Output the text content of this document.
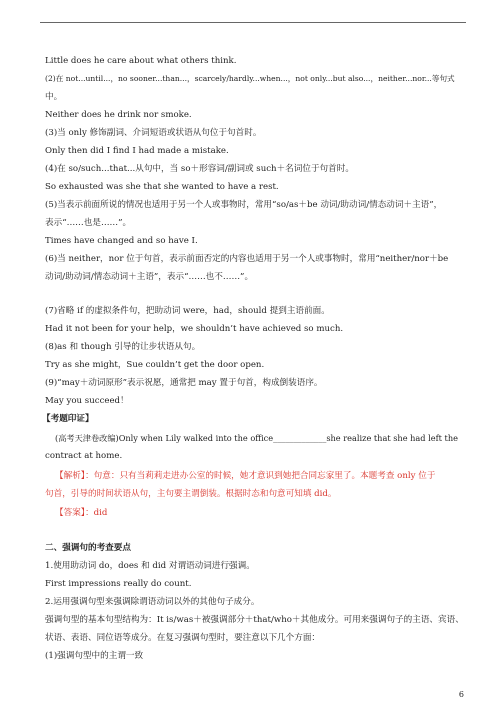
Little does he care about what others think.
(2)在 not...until...，no sooner...than...，scarcely/hardly...when...，not only...but also...，neither...nor...等句式
中。
Neither does he drink nor smoke.
(3)当 only 修饰副词、介词短语或状语从句位于句首时。
Only then did I find I had made a mistake.
(4)在 so/such...that...从句中，当 so＋形容词/副词或 such＋名词位于句首时。
So exhausted was she that she wanted to have a rest.
(5)当表示前面所说的情况也适用于另一个人或事物时，常用“so/as＋be 动词/助动词/情态动词＋主语”，
表示“……也是……”。
Times have changed and so have I.
(6)当 neither，nor 位于句首，表示前面否定的内容也适用于另一个人或事物时，常用“neither/nor＋be
动词/助动词/情态动词＋主语”，表示“……也不……”。
(7)省略 if 的虚拟条件句，把助动词 were，had，should 提到主语前面。
Had it not been for your help，we shouldn’t have achieved so much.
(8)as 和 though 引导的让步状语从句。
Try as she might，Sue couldn’t get the door open.
(9)“may＋动词原形”表示祝愿，通常把 may 置于句首，构成倒装语序。
May you succeed！
【考题印证】
(高考天津卷改编)Only when Lily walked into the office_____________she realize that she had left the
contract at home.
【解析】：句意：只有当莉莉走进办公室的时候，她才意识到她把合同忘家里了。本题考查 only 位于
句首，引导的时间状语从句，主句要主谓倒装。根据时态和句意可知填 did。
【答案】：did
二、强调句的考查要点
1.使用助动词 do，does 和 did 对谓语动词进行强调。
First impressions really do count.
2.运用强调句型来强调除谓语动词以外的其他句子成分。
强调句型的基本句型结构为：It is/was＋被强调部分＋that/who＋其他成分。可用来强调句子的主语、宾语、
状语、表语、同位语等成分。在复习强调句型时，要注意以下几个方面：
(1)强调句型中的主谓一致
6
